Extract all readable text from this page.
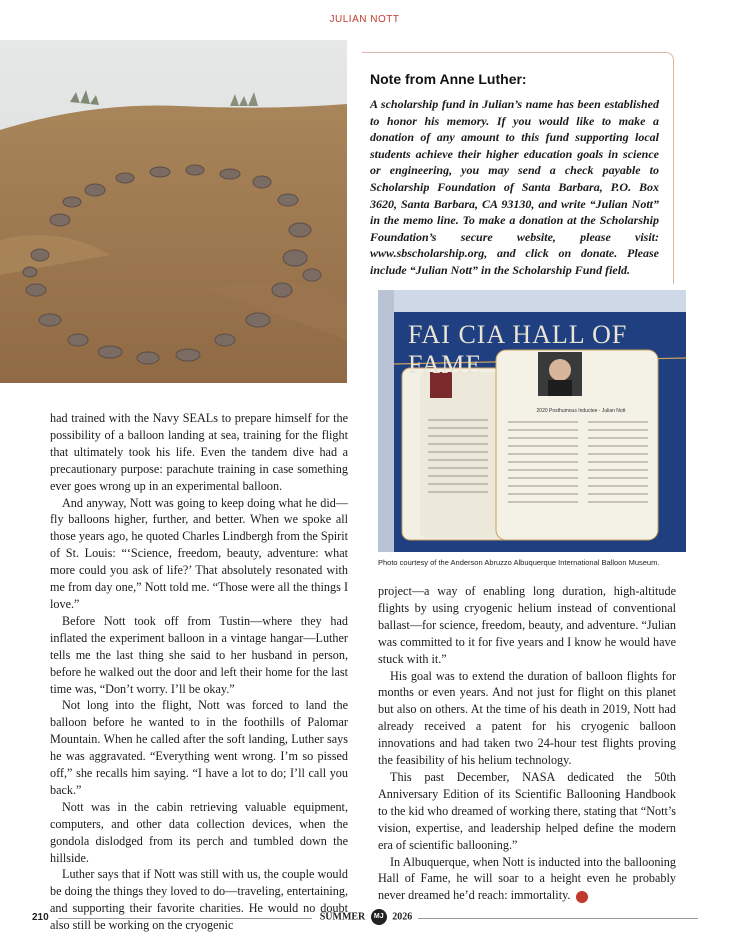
JULIAN NOTT
Note from Anne Luther:

A scholarship fund in Julian’s name has been established to honor his memory. If you would like to make a donation of any amount to this fund supporting local students achieve their higher education goals in science or engineering, you may send a check payable to Scholarship Foundation of Santa Barbara, P.O. Box 3620, Santa Barbara, CA 93130, and write “Julian Nott” in the memo line. To make a donation at the Scholarship Foundation’s secure website, please visit: www.sbscholarship.org, and click on donate. Please include “Julian Nott” in the Scholarship Fund field.

FAI CIA HALL OF FAME
2020 Posthumous Inductee - Julian Nott
Photo courtesy of the Anderson Abruzzo Albuquerque International Balloon Museum.

had trained with the Navy SEALs to prepare himself for the possibility of a balloon landing at sea, training for the flight that ultimately took his life. Even the tandem dive had a precautionary purpose: parachute training in case something ever goes wrong up in an experimental balloon.

And anyway, Nott was going to keep doing what he did—fly balloons higher, further, and better. When we spoke all those years ago, he quoted Charles Lindbergh from the Spirit of St. Louis: “‘Science, freedom, beauty, adventure: what more could you ask of life?’ That absolutely resonated with me from day one,” Nott told me. “Those were all the things I love.”

Before Nott took off from Tustin—where they had inflated the experiment balloon in a vintage hangar—Luther tells me the last thing she said to her husband in person, before he walked out the door and left their home for the last time was, “Don’t worry. I’ll be okay.”

Not long into the flight, Nott was forced to land the balloon before he wanted to in the foothills of Palomar Mountain. When he called after the soft landing, Luther says he was aggravated. “Everything went wrong. I’m so pissed off,” she recalls him saying. “I have a lot to do; I’ll call you back.”

Nott was in the cabin retrieving valuable equipment, computers, and other data collection devices, when the gondola dislodged from its perch and tumbled down the hillside.

Luther says that if Nott was still with us, the couple would be doing the things they loved to do—traveling, entertaining, and supporting their favorite charities. He would no doubt also still be working on the cryogenic

project—a way of enabling long duration, high-altitude flights by using cryogenic helium instead of conventional ballast—for science, freedom, beauty, and adventure. “Julian was committed to it for five years and I know he would have stuck with it.”

His goal was to extend the duration of balloon flights for months or even years. And not just for flight on this planet but also on others. At the time of his death in 2019, Nott had already received a patent for his cryogenic balloon innovations and had taken two 24-hour test flights proving the feasibility of his helium technology.

This past December, NASA dedicated the 50th Anniversary Edition of its Scientific Ballooning Handbook to the kid who dreamed of working there, stating that “Nott’s vision, expertise, and leadership helped define the modern era of scientific ballooning.”

In Albuquerque, when Nott is inducted into the ballooning Hall of Fame, he will soar to a height even he probably never dreamed he’d reach: immortality.	M

210	SUMMER MJ 2026
